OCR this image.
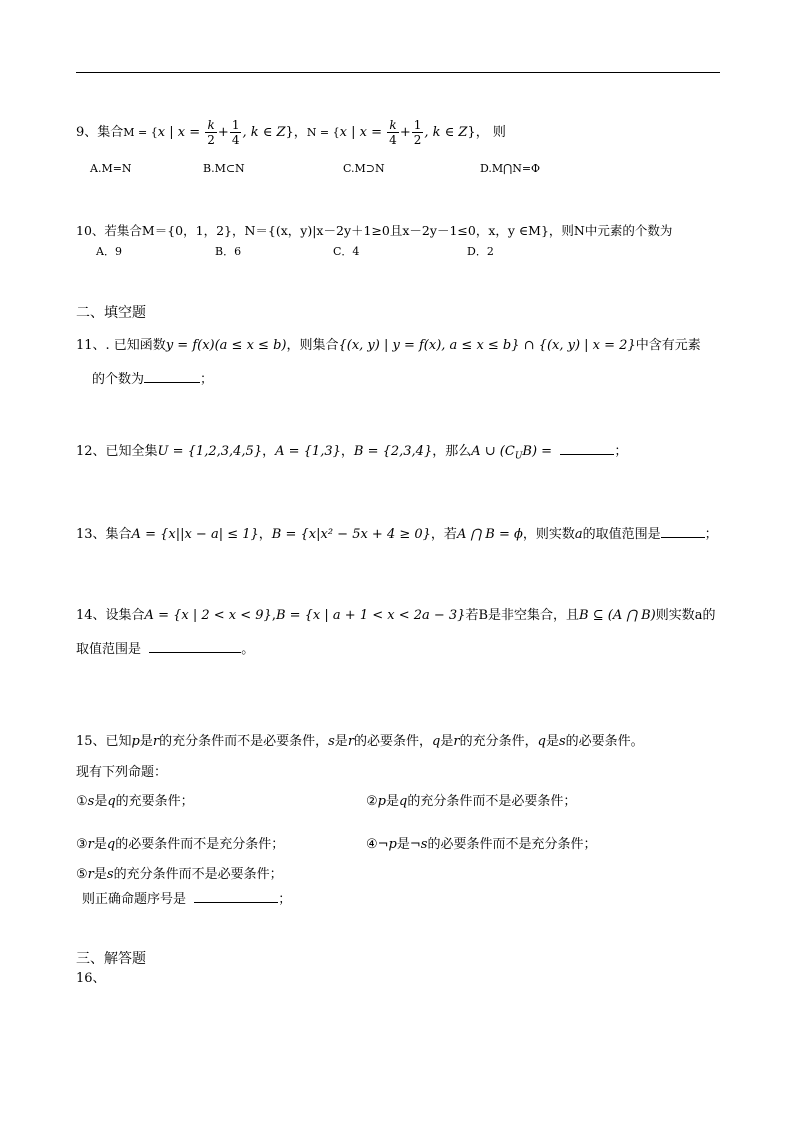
9、集合M = {x | $x = \frac{k}{2} + \frac{1}{4}$ , k ∈ Z}，N = {x | $x = \frac{k}{4} + \frac{1}{2}$ , k ∈ Z}， 则
A.M=N	B.M⊂N	C.M⊃N	D.M⋂N=Φ
10、若集合M＝{0，1，2}，N＝{(x，y)|x－2y＋1≥0且x－2y－1≤0，x，y ∈M}，则N中元素的个数为
A．9	B．6	C．4	D．2
二、填空题
11、. 已知函数y = f(x)(a ≤ x ≤ b)，则集合{(x, y) | y = f(x), a ≤ x ≤ b} ∩ {(x, y) | x = 2}中含有元素
的个数为	；
12、已知全集U = {1,2,3,4,5}，A = {1,3}，B = {2,3,4}，那么A ∪ $(C_UB)$ =	；
13、集合A = {x||x − a| ≤ 1}，B = {x|x² − 5x + 4 ≥ 0}，若A ⋂ B = ϕ，则实数a的取值范围是	；
14、设集合A = {x | 2 < x < 9},B = {x | a + 1 < x < 2a − 3}若B是非空集合，且B ⊆ (A ⋂ B)则实数a的
取值范围是	。
15、已知p是r的充分条件而不是必要条件，s是r的必要条件，q是r的充分条件，q是s的必要条件。
现有下列命题：
①s是q的充要条件；	②p是q的充分条件而不是必要条件；
③r是q的必要条件而不是充分条件；	④¬p是¬s的必要条件而不是充分条件；
⑤r是s的充分条件而不是必要条件；
则正确命题序号是	；
三、解答题
16、
